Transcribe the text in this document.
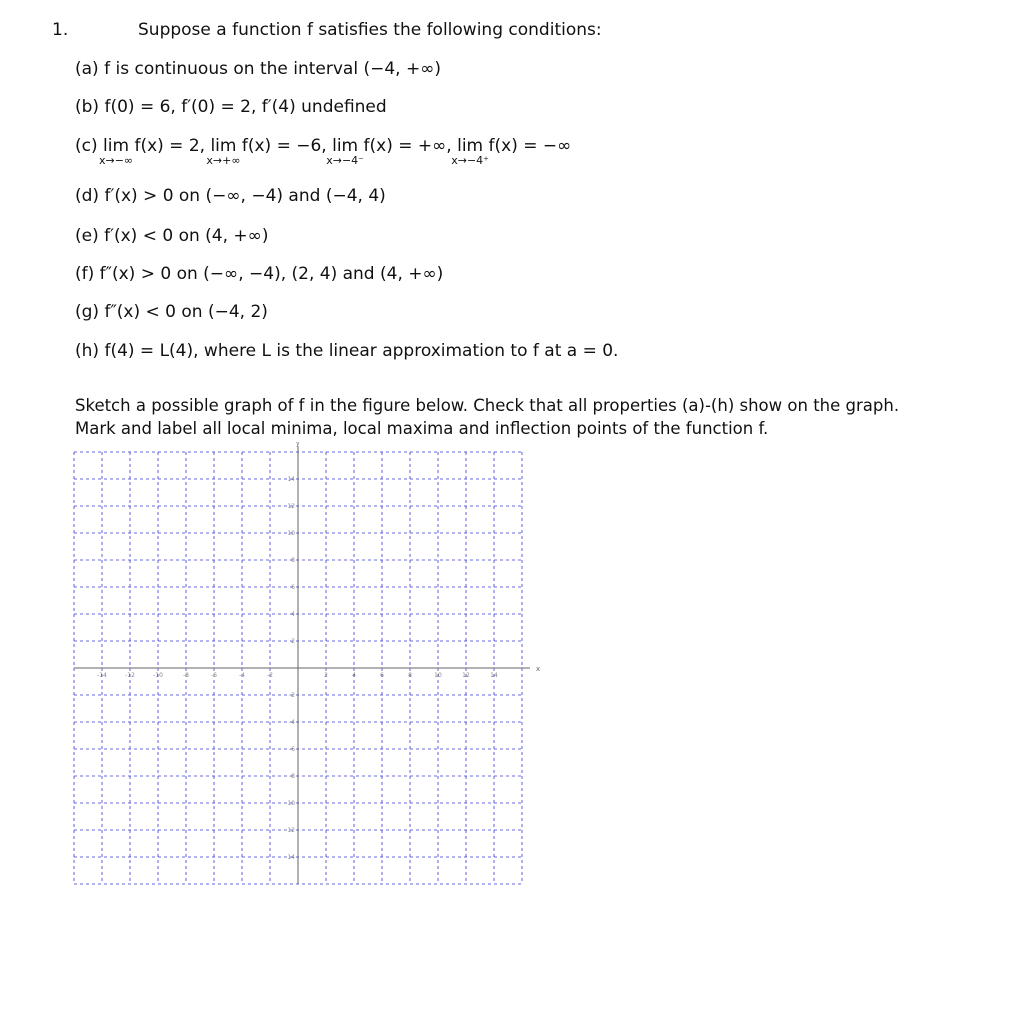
1.	Suppose a function f satisfies the following conditions:
(a) f is continuous on the interval (−4, +∞)
(b) f(0) = 6, f′(0) = 2, f′(4) undefined
(c) lim
x→−∞
f(x) = 2, lim
x→+∞
f(x) = −6, lim
x→−4⁻
f(x) = +∞, lim
x→−4⁺
f(x) = −∞
(d) f′(x) > 0 on (−∞, −4) and (−4, 4)
(e) f′(x) < 0 on (4, +∞)
(f) f″(x) > 0 on (−∞, −4), (2, 4) and (4, +∞)
(g) f″(x) < 0 on (−4, 2)
(h) f(4) = L(4), where L is the linear approximation to f at a = 0.
Sketch a possible graph of f in the figure below. Check that all properties (a)-(h) show on the graph.
Mark and label all local minima, local maxima and inflection points of the function f.
x
y
-14	-12	-10	-8	-6	-4	-2	2	4	6	8	10	12	14
14
12
10
8
6
4
2
-2
-4
-6
-8
-10
-12
-14
